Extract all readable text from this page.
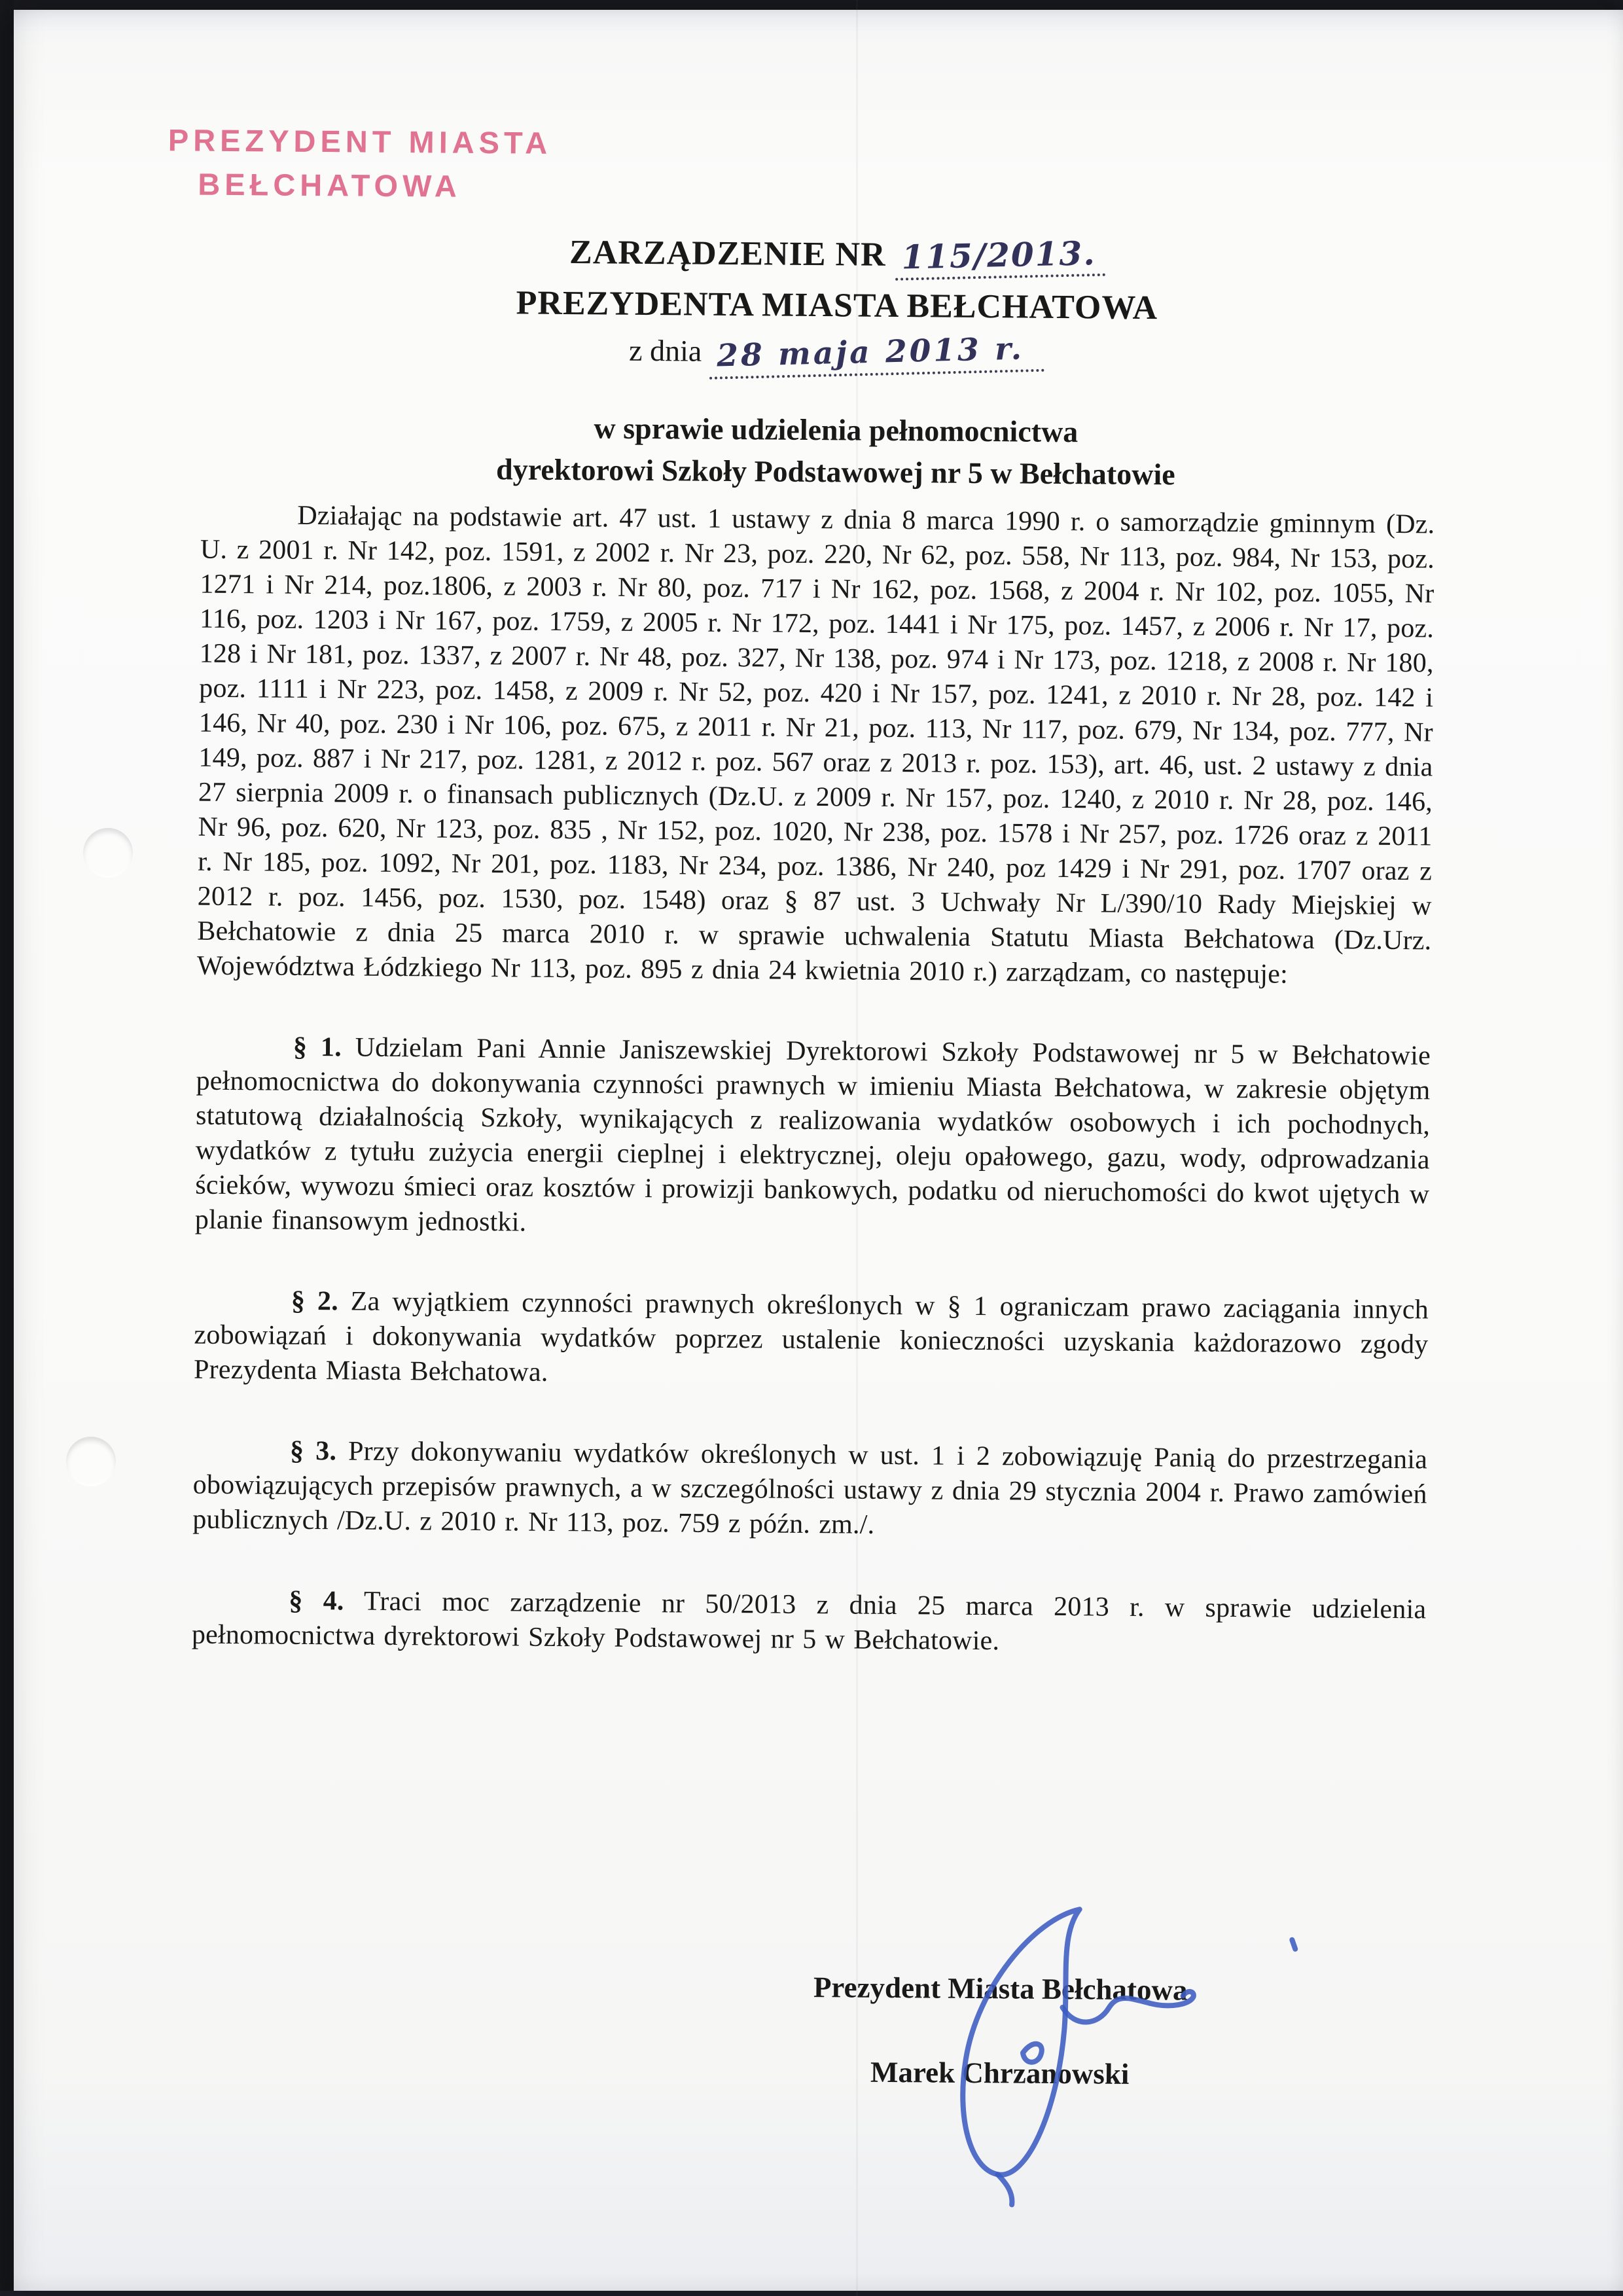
PREZYDENT MIASTA
BEŁCHATOWA
ZARZĄDZENIE NR 115/2013.
PREZYDENTA MIASTA BEŁCHATOWA
z dnia 28 maja 2013 r.
w sprawie udzielenia pełnomocnictwa
dyrektorowi Szkoły Podstawowej nr 5 w Bełchatowie

Działając na podstawie art. 47 ust. 1 ustawy z dnia 8 marca 1990 r. o samorządzie gminnym (Dz. U. z 2001 r. Nr 142, poz. 1591, z 2002 r. Nr 23, poz. 220, Nr 62, poz. 558, Nr 113, poz. 984, Nr 153, poz. 1271 i Nr 214, poz.1806, z 2003 r. Nr 80, poz. 717 i Nr 162, poz. 1568, z 2004 r. Nr 102, poz. 1055, Nr 116, poz. 1203 i Nr 167, poz. 1759, z 2005 r. Nr 172, poz. 1441 i Nr 175, poz. 1457, z 2006 r. Nr 17, poz. 128 i Nr 181, poz. 1337, z 2007 r. Nr 48, poz. 327, Nr 138, poz. 974 i Nr 173, poz. 1218, z 2008 r. Nr 180, poz. 1111 i Nr 223, poz. 1458, z 2009 r. Nr 52, poz. 420 i Nr 157, poz. 1241, z 2010 r. Nr 28, poz. 142 i 146, Nr 40, poz. 230 i Nr 106, poz. 675, z 2011 r. Nr 21, poz. 113, Nr 117, poz. 679, Nr 134, poz. 777, Nr 149, poz. 887 i Nr 217, poz. 1281, z 2012 r. poz. 567 oraz z 2013 r. poz. 153), art. 46, ust. 2 ustawy z dnia 27 sierpnia 2009 r. o finansach publicznych (Dz.U. z 2009 r. Nr 157, poz. 1240, z 2010 r. Nr 28, poz. 146, Nr 96, poz. 620, Nr 123, poz. 835 , Nr 152, poz. 1020, Nr 238, poz. 1578 i Nr 257, poz. 1726 oraz z 2011 r. Nr 185, poz. 1092, Nr 201, poz. 1183, Nr 234, poz. 1386, Nr 240, poz 1429 i Nr 291, poz. 1707 oraz z 2012 r. poz. 1456, poz. 1530, poz. 1548) oraz § 87 ust. 3 Uchwały Nr L/390/10 Rady Miejskiej w Bełchatowie z dnia 25 marca 2010 r. w sprawie uchwalenia Statutu Miasta Bełchatowa (Dz.Urz. Województwa Łódzkiego Nr 113, poz. 895 z dnia 24 kwietnia 2010 r.) zarządzam, co następuje:

§ 1. Udzielam Pani Annie Janiszewskiej Dyrektorowi Szkoły Podstawowej nr 5 w Bełchatowie pełnomocnictwa do dokonywania czynności prawnych w imieniu Miasta Bełchatowa, w zakresie objętym statutową działalnością Szkoły, wynikających z realizowania wydatków osobowych i ich pochodnych, wydatków z tytułu zużycia energii cieplnej i elektrycznej, oleju opałowego, gazu, wody, odprowadzania ścieków, wywozu śmieci oraz kosztów i prowizji bankowych, podatku od nieruchomości do kwot ujętych w planie finansowym jednostki.

§ 2. Za wyjątkiem czynności prawnych określonych w § 1 ograniczam prawo zaciągania innych zobowiązań i dokonywania wydatków poprzez ustalenie konieczności uzyskania każdorazowo zgody Prezydenta Miasta Bełchatowa.

§ 3. Przy dokonywaniu wydatków określonych w ust. 1 i 2 zobowiązuję Panią do przestrzegania obowiązujących przepisów prawnych, a w szczególności ustawy z dnia 29 stycznia 2004 r. Prawo zamówień publicznych /Dz.U. z 2010 r. Nr 113, poz. 759 z późn. zm./.

§ 4. Traci moc zarządzenie nr 50/2013 z dnia 25 marca 2013 r. w sprawie udzielenia pełnomocnictwa dyrektorowi Szkoły Podstawowej nr 5 w Bełchatowie.

Prezydent Miasta Bełchatowa
Marek Chrzanowski
